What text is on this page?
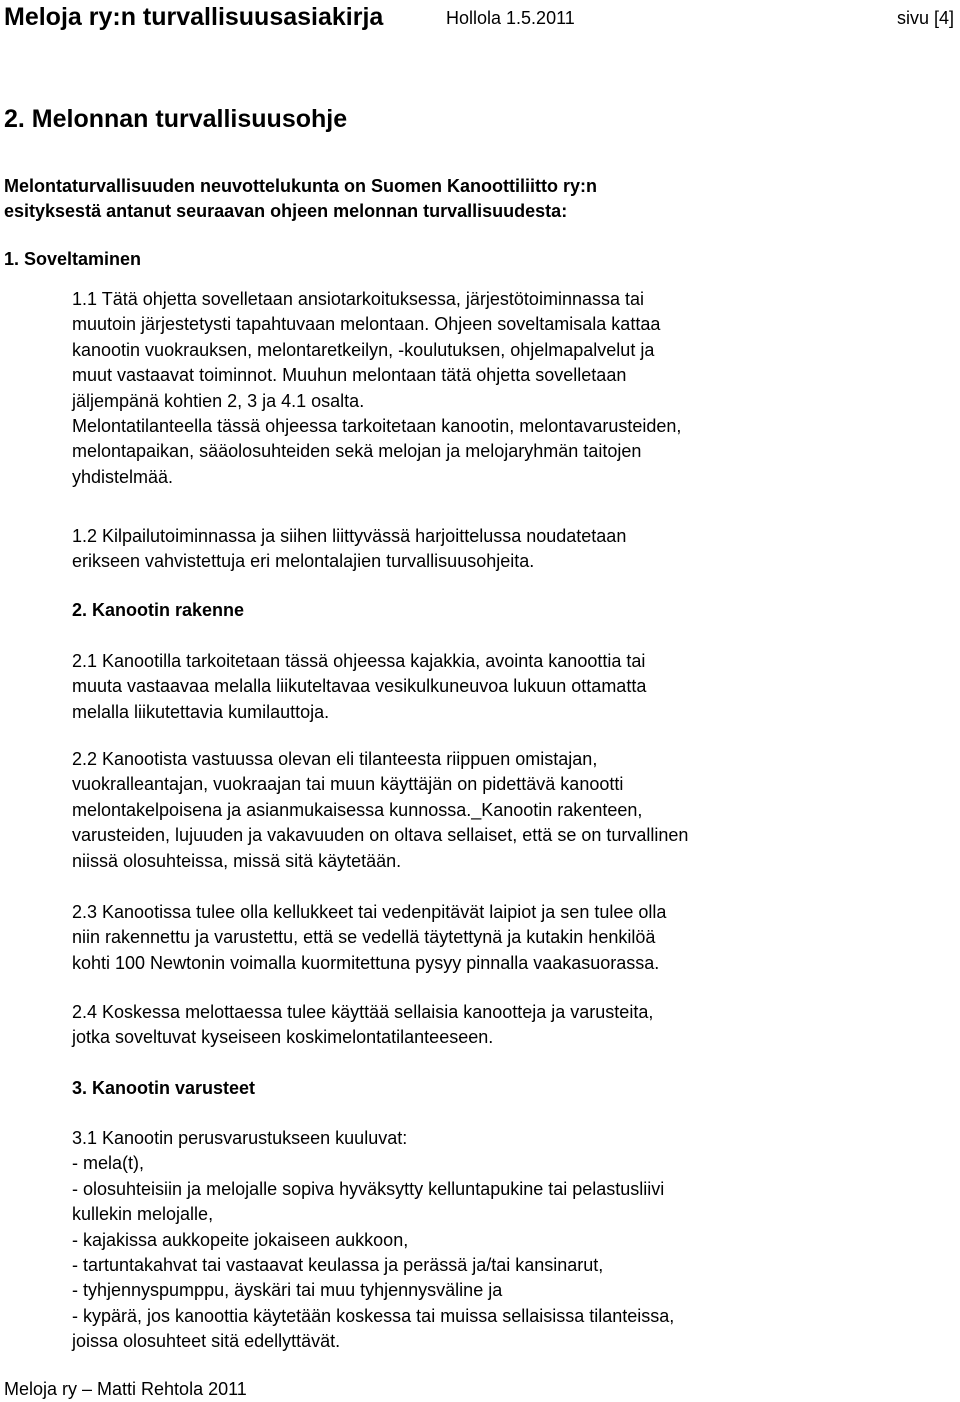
Meloja ry:n turvallisuusasiakirja	Hollola 1.5.2011	sivu [4]
2. Melonnan turvallisuusohje
Melontaturvallisuuden neuvottelukunta on Suomen Kanoottiliitto ry:n
esityksestä antanut seuraavan ohjeen melonnan turvallisuudesta:
1. Soveltaminen
1.1 Tätä ohjetta sovelletaan ansiotarkoituksessa, järjestötoiminnassa tai
muutoin järjestetysti tapahtuvaan melontaan. Ohjeen soveltamisala kattaa
kanootin vuokrauksen, melontaretkeilyn, -koulutuksen, ohjelmapalvelut ja
muut vastaavat toiminnot. Muuhun melontaan tätä ohjetta sovelletaan
jäljempänä kohtien 2, 3 ja 4.1 osalta.
Melontatilanteella tässä ohjeessa tarkoitetaan kanootin, melontavarusteiden,
melontapaikan, sääolosuhteiden sekä melojan ja melojaryhmän taitojen
yhdistelmää.
1.2 Kilpailutoiminnassa ja siihen liittyvässä harjoittelussa noudatetaan
erikseen vahvistettuja eri melontalajien turvallisuusohjeita.
2. Kanootin rakenne
2.1 Kanootilla tarkoitetaan tässä ohjeessa kajakkia, avointa kanoottia tai
muuta vastaavaa melalla liikuteltavaa vesikulkuneuvoa lukuun ottamatta
melalla liikutettavia kumilauttoja.
2.2 Kanootista vastuussa olevan eli tilanteesta riippuen omistajan,
vuokralleantajan, vuokraajan tai muun käyttäjän on pidettävä kanootti
melontakelpoisena ja asianmukaisessa kunnossa._Kanootin rakenteen,
varusteiden, lujuuden ja vakavuuden on oltava sellaiset, että se on turvallinen
niissä olosuhteissa, missä sitä käytetään.
2.3 Kanootissa tulee olla kellukkeet tai vedenpitävät laipiot ja sen tulee olla
niin rakennettu ja varustettu, että se vedellä täytettynä ja kutakin henkilöä
kohti 100 Newtonin voimalla kuormitettuna pysyy pinnalla vaakasuorassa.
2.4 Koskessa melottaessa tulee käyttää sellaisia kanootteja ja varusteita,
jotka soveltuvat kyseiseen koskimelontatilanteeseen.
3. Kanootin varusteet
3.1 Kanootin perusvarustukseen kuuluvat:
- mela(t),
- olosuhteisiin ja melojalle sopiva hyväksytty kelluntapukine tai pelastusliivi
kullekin melojalle,
- kajakissa aukkopeite jokaiseen aukkoon,
- tartuntakahvat tai vastaavat keulassa ja perässä ja/tai kansinarut,
- tyhjennyspumppu, äyskäri tai muu tyhjennysväline ja
- kypärä, jos kanoottia käytetään koskessa tai muissa sellaisissa tilanteissa,
joissa olosuhteet sitä edellyttävät.
Meloja ry – Matti Rehtola 2011
